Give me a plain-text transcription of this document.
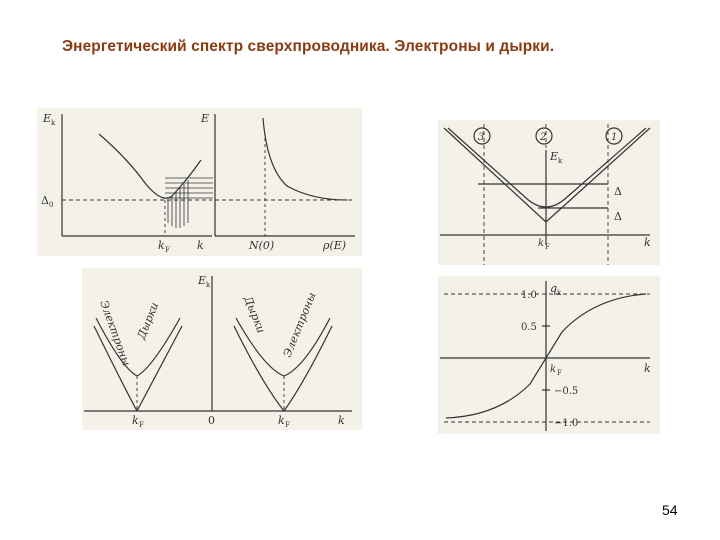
Энергетический спектр сверхпроводника. Электроны и дырки.
E k	E
Δ 0
k F k	N(0)	ρ(E)
E k
Электроны Дырки	Дырки Электроны
k F	0	k F	k
3	2	1
E k
Δ
Δ
k F	k
q k
1.0
0.5
−0.5
−1.0
k F	k
54
